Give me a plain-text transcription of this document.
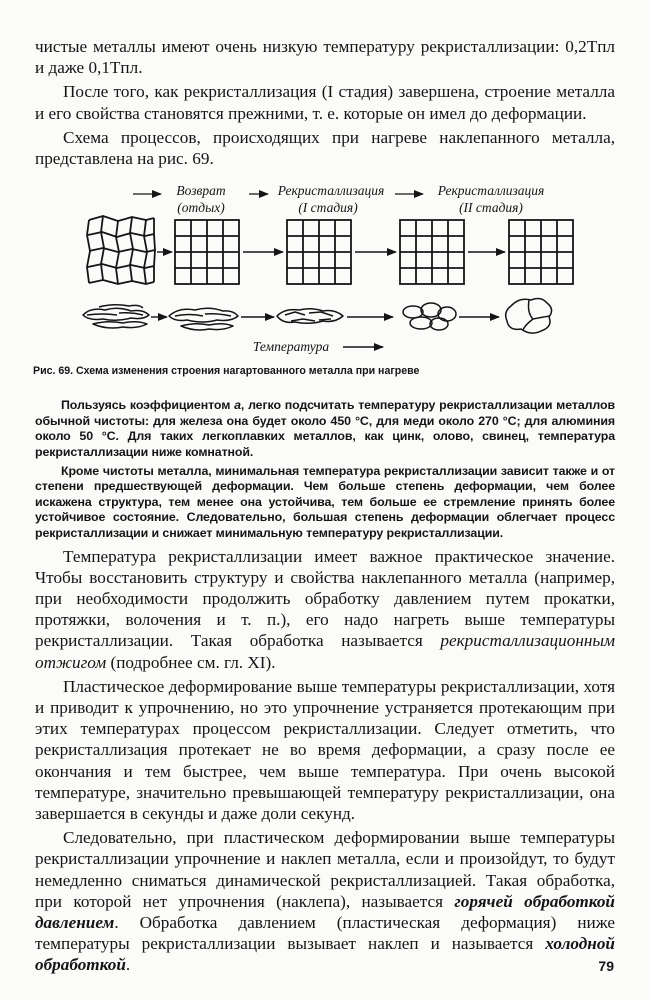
чистые металлы имеют очень низкую температуру рекристаллизации: 0,2Tпл и даже 0,1Tпл.

После того, как рекристаллизация (I стадия) завершена, строение металла и его свойства становятся прежними, т. е. которые он имел до деформации.

Схема процессов, происходящих при нагреве наклепанного металла, представлена на рис. 69.

Возврат
(отдых)
Рекристаллизация
(I стадия)
Рекристаллизация
(II стадия)
Температура
Рис. 69. Схема изменения строения нагартованного металла при нагреве

Пользуясь коэффициентом a, легко подсчитать температуру рекристаллизации металлов обычной чистоты: для железа она будет около 450 °С, для меди около 270 °С; для алюминия около 50 °С. Для таких легкоплавких металлов, как цинк, олово, свинец, температура рекристаллизации ниже комнатной.

Кроме чистоты металла, минимальная температура рекристаллизации зависит также и от степени предшествующей деформации. Чем больше степень деформации, чем более искажена структура, тем менее она устойчива, тем больше ее стремление принять более устойчивое состояние. Следовательно, большая степень деформации облегчает процесс рекристаллизации и снижает минимальную температуру рекристаллизации.

Температура рекристаллизации имеет важное практическое значение. Чтобы восстановить структуру и свойства наклепанного металла (например, при необходимости продолжить обработку давлением путем прокатки, протяжки, волочения и т. п.), его надо нагреть выше температуры рекристаллизации. Такая обработка называется рекристаллизационным отжигом (подробнее см. гл. XI).

Пластическое деформирование выше температуры рекристаллизации, хотя и приводит к упрочнению, но это упрочнение устраняется протекающим при этих температурах процессом рекристаллизации. Следует отметить, что рекристаллизация протекает не во время деформации, а сразу после ее окончания и тем быстрее, чем выше температура. При очень высокой температуре, значительно превышающей температуру рекристаллизации, она завершается в секунды и даже доли секунд.

Следовательно, при пластическом деформировании выше температуры рекристаллизации упрочнение и наклеп металла, если и произойдут, то будут немедленно сниматься динамической рекристаллизацией. Такая обработка, при которой нет упрочнения (наклепа), называется горячей обработкой давлением. Обработка давлением (пластическая деформация) ниже температуры рекристаллизации вызывает наклеп и называется холодной обработкой.	79
